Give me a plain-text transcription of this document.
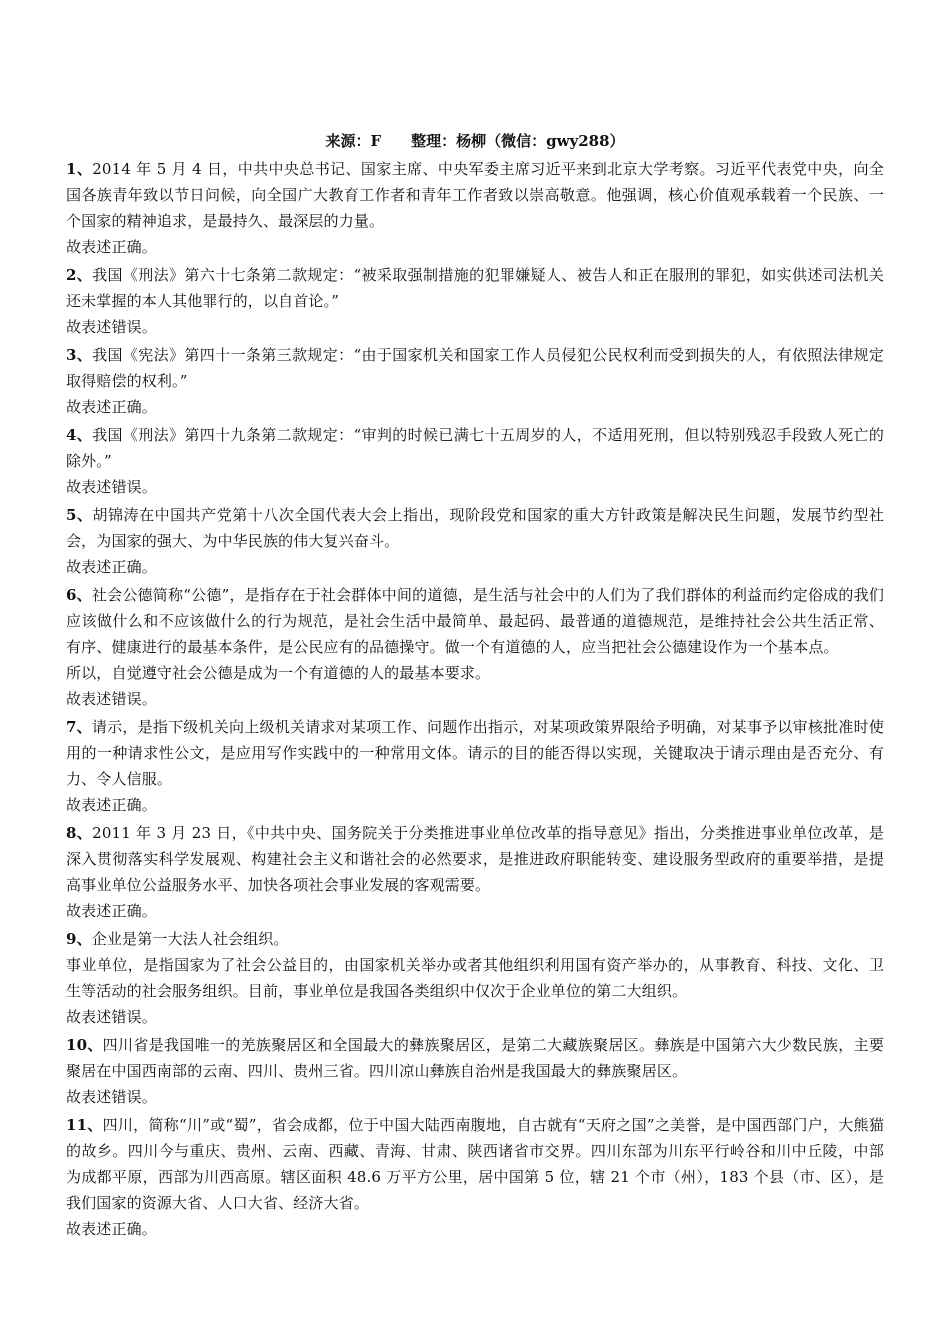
来源：F 整理：杨柳（微信：gwy288）

1、2014 年 5 月 4 日，中共中央总书记、国家主席、中央军委主席习近平来到北京大学考察。习近平代表党中央，向全国各族青年致以节日问候，向全国广大教育工作者和青年工作者致以崇高敬意。他强调，核心价值观承载着一个民族、一个国家的精神追求，是最持久、最深层的力量。

故表述正确。

2、我国《刑法》第六十七条第二款规定：“被采取强制措施的犯罪嫌疑人、被告人和正在服刑的罪犯，如实供述司法机关还未掌握的本人其他罪行的，以自首论。”

故表述错误。

3、我国《宪法》第四十一条第三款规定：“由于国家机关和国家工作人员侵犯公民权利而受到损失的人，有依照法律规定取得赔偿的权利。”

故表述正确。

4、我国《刑法》第四十九条第二款规定：“审判的时候已满七十五周岁的人，不适用死刑，但以特别残忍手段致人死亡的除外。”

故表述错误。

5、胡锦涛在中国共产党第十八次全国代表大会上指出，现阶段党和国家的重大方针政策是解决民生问题，发展节约型社会，为国家的强大、为中华民族的伟大复兴奋斗。

故表述正确。

6、社会公德简称“公德”，是指存在于社会群体中间的道德，是生活与社会中的人们为了我们群体的利益而约定俗成的我们应该做什么和不应该做什么的行为规范，是社会生活中最简单、最起码、最普通的道德规范，是维持社会公共生活正常、有序、健康进行的最基本条件，是公民应有的品德操守。做一个有道德的人，应当把社会公德建设作为一个基本点。

所以，自觉遵守社会公德是成为一个有道德的人的最基本要求。

故表述错误。

7、请示，是指下级机关向上级机关请求对某项工作、问题作出指示，对某项政策界限给予明确，对某事予以审核批准时使用的一种请求性公文，是应用写作实践中的一种常用文体。请示的目的能否得以实现，关键取决于请示理由是否充分、有力、令人信服。

故表述正确。

8、2011 年 3 月 23 日，《中共中央、国务院关于分类推进事业单位改革的指导意见》指出，分类推进事业单位改革，是深入贯彻落实科学发展观、构建社会主义和谐社会的必然要求，是推进政府职能转变、建设服务型政府的重要举措，是提高事业单位公益服务水平、加快各项社会事业发展的客观需要。

故表述正确。

9、企业是第一大法人社会组织。

事业单位，是指国家为了社会公益目的，由国家机关举办或者其他组织利用国有资产举办的，从事教育、科技、文化、卫生等活动的社会服务组织。目前，事业单位是我国各类组织中仅次于企业单位的第二大组织。

故表述错误。

10、四川省是我国唯一的羌族聚居区和全国最大的彝族聚居区，是第二大藏族聚居区。彝族是中国第六大少数民族，主要聚居在中国西南部的云南、四川、贵州三省。四川凉山彝族自治州是我国最大的彝族聚居区。

故表述错误。

11、四川，简称“川”或“蜀”，省会成都，位于中国大陆西南腹地，自古就有“天府之国”之美誉，是中国西部门户，大熊猫的故乡。四川今与重庆、贵州、云南、西藏、青海、甘肃、陕西诸省市交界。四川东部为川东平行岭谷和川中丘陵，中部为成都平原，西部为川西高原。辖区面积 48.6 万平方公里，居中国第 5 位，辖 21 个市（州），183 个县（市、区），是我们国家的资源大省、人口大省、经济大省。

故表述正确。
